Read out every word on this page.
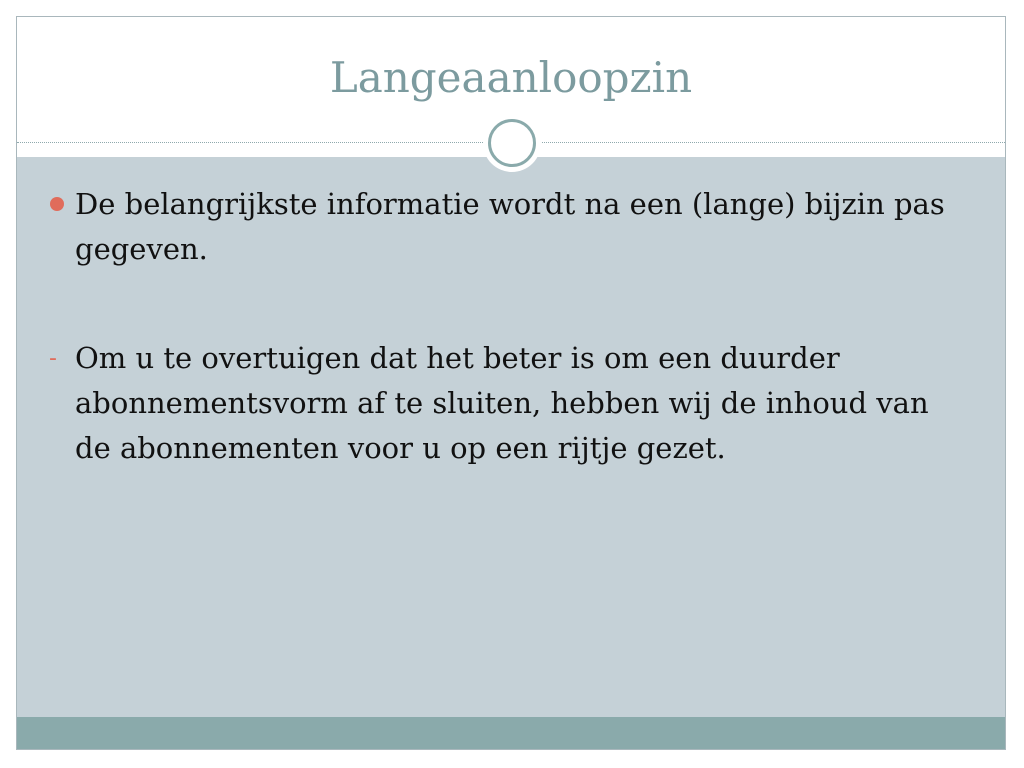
Langeaanloopzin
De belangrijkste informatie wordt na een (lange) bijzin pas gegeven.
- Om u te overtuigen dat het beter is om een duurder abonnementsvorm af te sluiten, hebben wij de inhoud van de abonnementen voor u op een rijtje gezet.
